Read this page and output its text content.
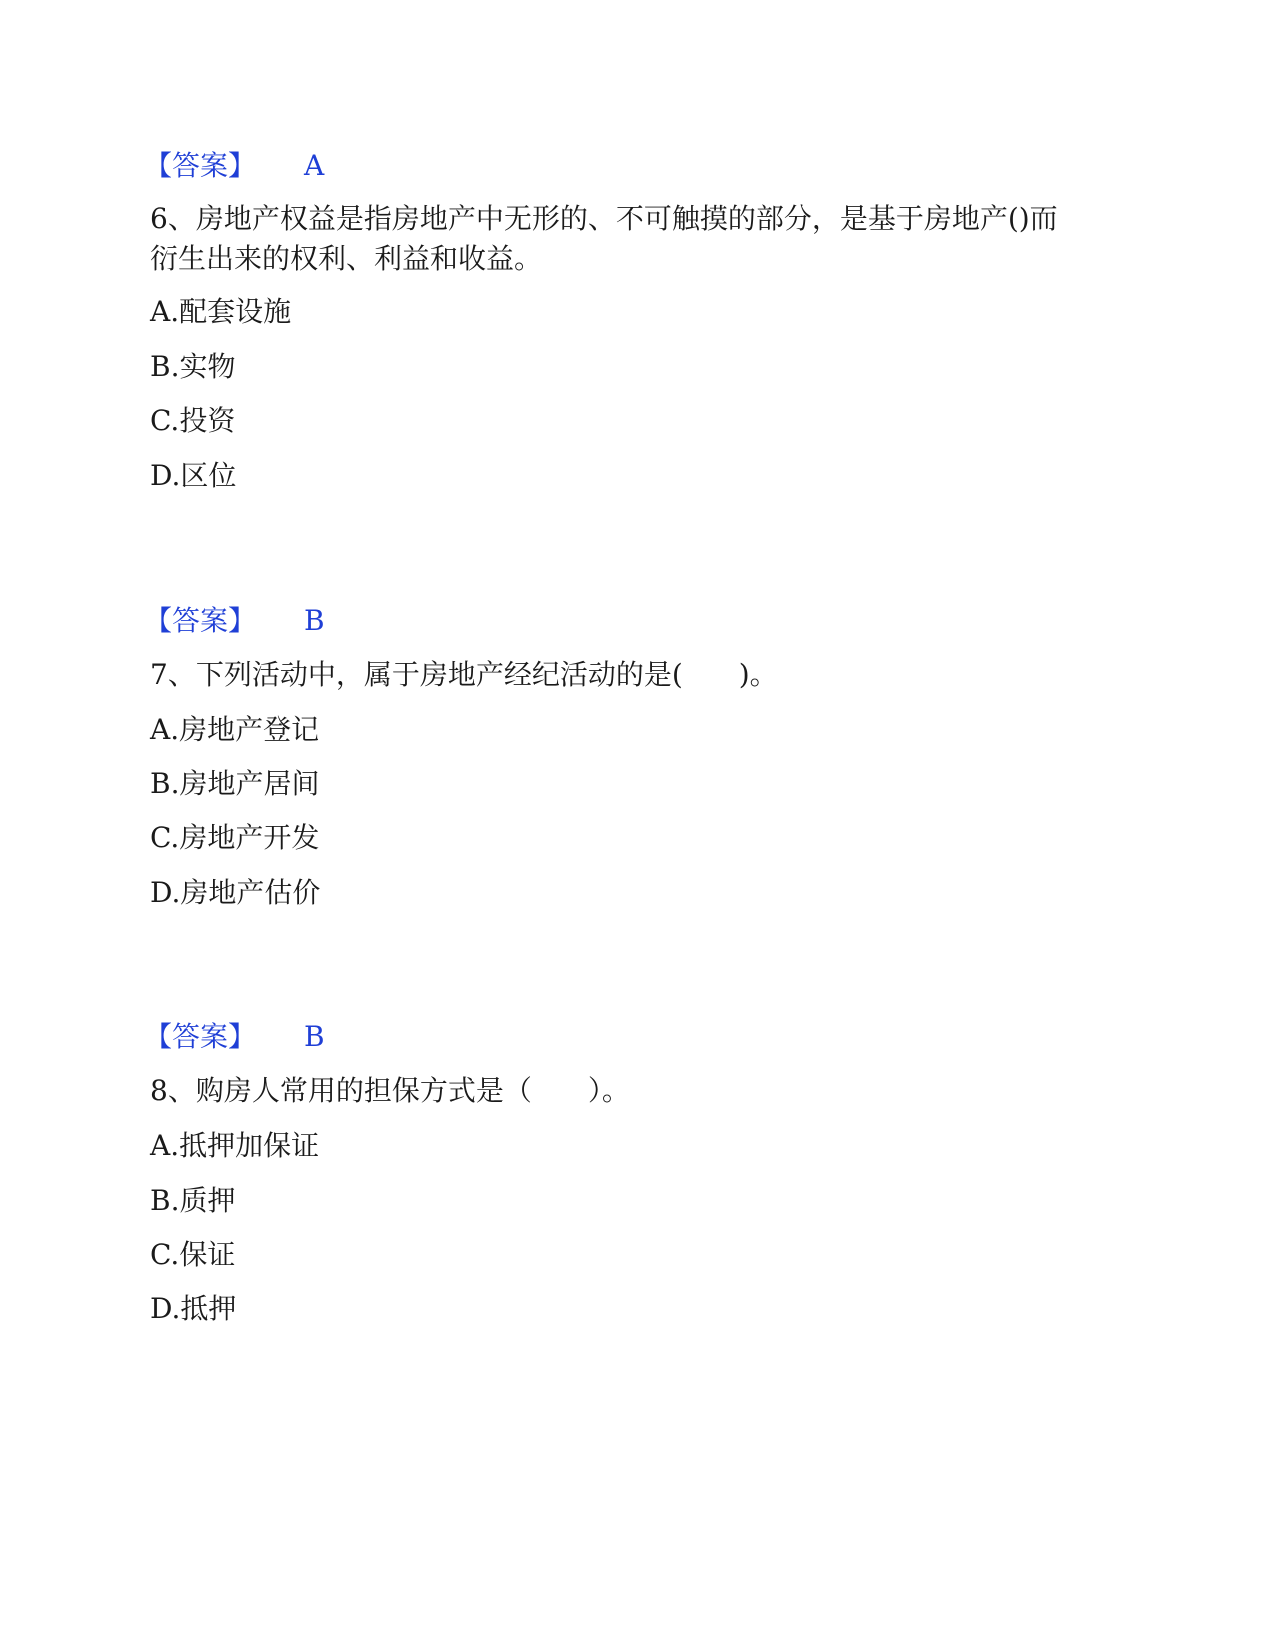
【答案】 A
6、房地产权益是指房地产中无形的、不可触摸的部分，是基于房地产()而
衍生出来的权利、利益和收益。
A.配套设施
B.实物
C.投资
D.区位
【答案】 B
7、下列活动中，属于房地产经纪活动的是(　　)。
A.房地产登记
B.房地产居间
C.房地产开发
D.房地产估价
【答案】 B
8、购房人常用的担保方式是（　　）。
A.抵押加保证
B.质押
C.保证
D.抵押
